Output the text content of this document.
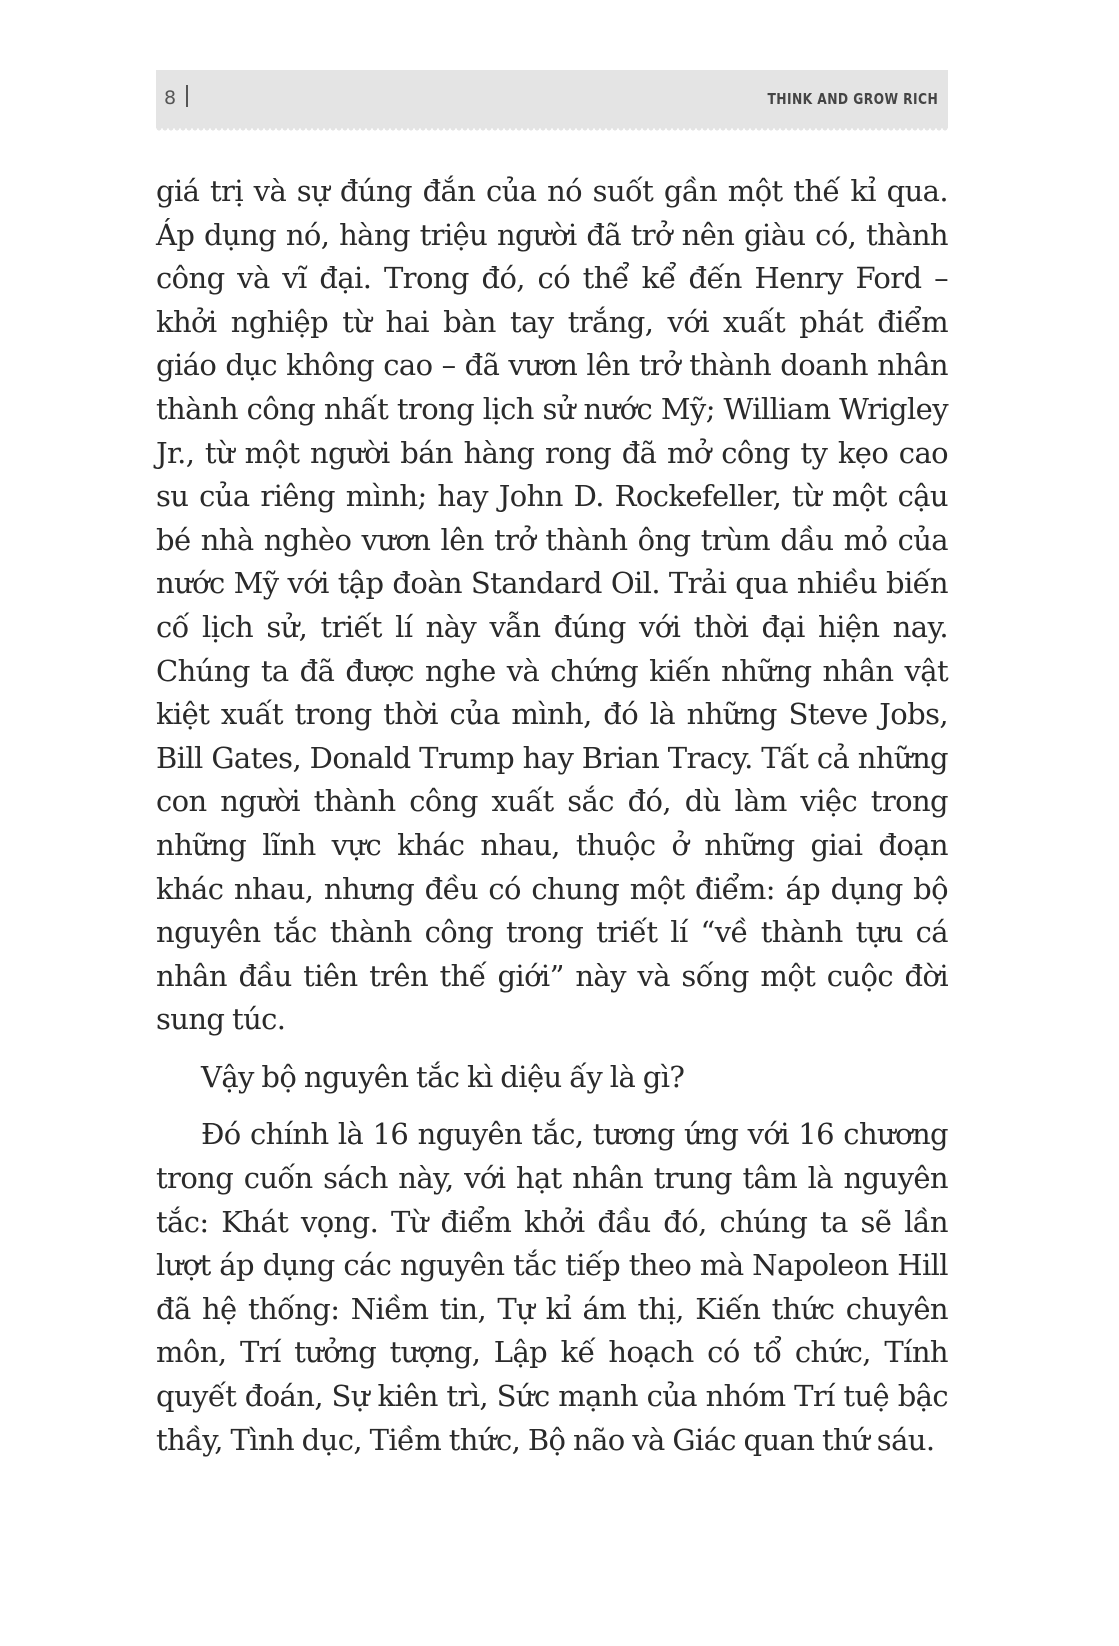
8	THINK AND GROW RICH

giá trị và sự đúng đắn của nó suốt gần một thế kỉ qua. Áp dụng nó, hàng triệu người đã trở nên giàu có, thành công và vĩ đại. Trong đó, có thể kể đến Henry Ford – khởi nghiệp từ hai bàn tay trắng, với xuất phát điểm giáo dục không cao – đã vươn lên trở thành doanh nhân thành công nhất trong lịch sử nước Mỹ; William Wrigley Jr., từ một người bán hàng rong đã mở công ty kẹo cao su của riêng mình; hay John D. Rockefeller, từ một cậu bé nhà nghèo vươn lên trở thành ông trùm dầu mỏ của nước Mỹ với tập đoàn Standard Oil. Trải qua nhiều biến cố lịch sử, triết lí này vẫn đúng với thời đại hiện nay. Chúng ta đã được nghe và chứng kiến những nhân vật kiệt xuất trong thời của mình, đó là những Steve Jobs, Bill Gates, Donald Trump hay Brian Tracy. Tất cả những con người thành công xuất sắc đó, dù làm việc trong những lĩnh vực khác nhau, thuộc ở những giai đoạn khác nhau, nhưng đều có chung một điểm: áp dụng bộ nguyên tắc thành công trong triết lí “về thành tựu cá nhân đầu tiên trên thế giới” này và sống một cuộc đời sung túc.

Vậy bộ nguyên tắc kì diệu ấy là gì?

Đó chính là 16 nguyên tắc, tương ứng với 16 chương trong cuốn sách này, với hạt nhân trung tâm là nguyên tắc: Khát vọng. Từ điểm khởi đầu đó, chúng ta sẽ lần lượt áp dụng các nguyên tắc tiếp theo mà Napoleon Hill đã hệ thống: Niềm tin, Tự kỉ ám thị, Kiến thức chuyên môn, Trí tưởng tượng, Lập kế hoạch có tổ chức, Tính quyết đoán, Sự kiên trì, Sức mạnh của nhóm Trí tuệ bậc thầy, Tình dục, Tiềm thức, Bộ não và Giác quan thứ sáu.
